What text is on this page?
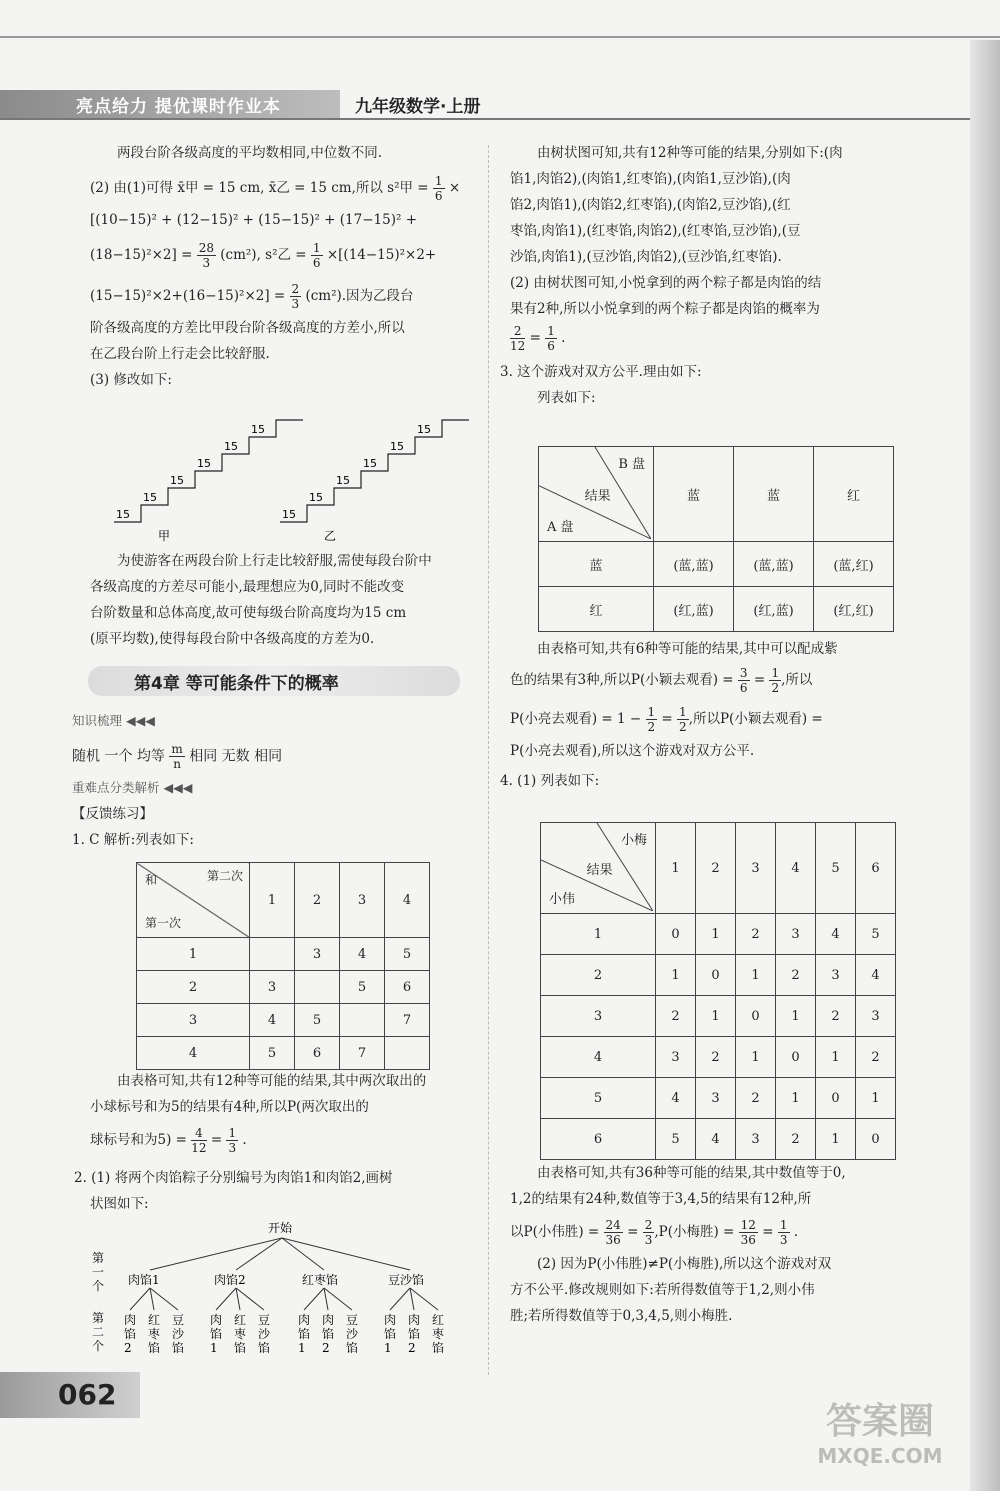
亮点给力 提优课时作业本	九年级数学·上册

两段台阶各级高度的平均数相同,中位数不同.

(2) 由(1)可得 x̄甲 = 15 cm, x̄乙 = 15 cm,所以 s²甲 = $\frac{1}{6}$ ×

[(10−15)² + (12−15)² + (15−15)² + (17−15)² +

$(18-15)^2\times 2] = \frac{28}{3} (cm^2)$, s²乙 = $\frac{1}{6} \times[(14-15)^2\times 2+$

$(15-15)^2\times 2+(16-15)^2\times 2] = \frac{2}{3} (cm^2)$.因为乙段台

阶各级高度的方差比甲段台阶各级高度的方差小,所以

在乙段台阶上行走会比较舒服.

(3) 修改如下:

15
15
15
15
15
15
甲
15
15
15
15
15
15
乙

为使游客在两段台阶上行走比较舒服,需使每段台阶中

各级高度的方差尽可能小,最理想应为0,同时不能改变

台阶数量和总体高度,故可使每级台阶高度均为15 cm

(原平均数),使得每段台阶中各级高度的方差为0.

第4章 等可能条件下的概率

知识梳理 ◀◀◀

随机 一个 均等 $\frac{m}{n}$ 相同 无数 相同

重难点分类解析 ◀◀◀

【反馈练习】

1. C 解析:列表如下:

第二次
和
第一次	1	2	3	4
1		3	4	5
2	3		5	6
3	4	5		7
4	5	6	7	

由表格可知,共有12种等可能的结果,其中两次取出的

小球标号和为5的结果有4种,所以P(两次取出的

球标号和为$5) = \frac{4}{12} = \frac{1}{3}$ .

2. (1) 将两个肉馅粽子分别编号为肉馅1和肉馅2,画树

状图如下:

开始
第
一
个
第
二
个
肉馅1
肉
馅
2
红
枣
馅
豆
沙
馅
肉馅2
肉
馅
1
红
枣
馅
豆
沙
馅
红枣馅
肉
馅
1
肉
馅
2
豆
沙
馅
豆沙馅
肉
馅
1
肉
馅
2
红
枣
馅

由树状图可知,共有12种等可能的结果,分别如下:(肉

馅1,肉馅2),(肉馅1,红枣馅),(肉馅1,豆沙馅),(肉

馅2,肉馅1),(肉馅2,红枣馅),(肉馅2,豆沙馅),(红

枣馅,肉馅1),(红枣馅,肉馅2),(红枣馅,豆沙馅),(豆

沙馅,肉馅1),(豆沙馅,肉馅2),(豆沙馅,红枣馅).

(2) 由树状图可知,小悦拿到的两个粽子都是肉馅的结

果有2种,所以小悦拿到的两个粽子都是肉馅的概率为

$\frac{2}{12} = \frac{1}{6}$ .

3. 这个游戏对双方公平.理由如下:

列表如下:

B 盘
结果
A 盘	蓝	蓝	红
蓝	(蓝,蓝)	(蓝,蓝)	(蓝,红)
红	(红,蓝)	(红,蓝)	(红,红)

由表格可知,共有6种等可能的结果,其中可以配成紫

色的结果有3种,所以P(小颖去观看) = $\frac{3}{6} = \frac{1}{2}$ ,所以

P(小亮去观看) = $1 - \frac{1}{2} = \frac{1}{2}$ ,所以P(小颖去观看) =

P(小亮去观看),所以这个游戏对双方公平.

4. (1) 列表如下:

小梅
结果
小伟	1	2	3	4	5	6
1	0	1	2	3	4	5
2	1	0	1	2	3	4
3	2	1	0	1	2	3
4	3	2	1	0	1	2
5	4	3	2	1	0	1
6	5	4	3	2	1	0

由表格可知,共有36种等可能的结果,其中数值等于0,

1,2的结果有24种,数值等于3,4,5的结果有12种,所

以P(小伟胜) = $\frac{24}{36} = \frac{2}{3} ,P$(小梅胜) = $\frac{12}{36} = \frac{1}{3}$ .

(2) 因为P(小伟胜)≠P(小梅胜),所以这个游戏对双

方不公平.修改规则如下:若所得数值等于1,2,则小伟

胜;若所得数值等于0,3,4,5,则小梅胜.

062
答案圈
MXQE.COM
